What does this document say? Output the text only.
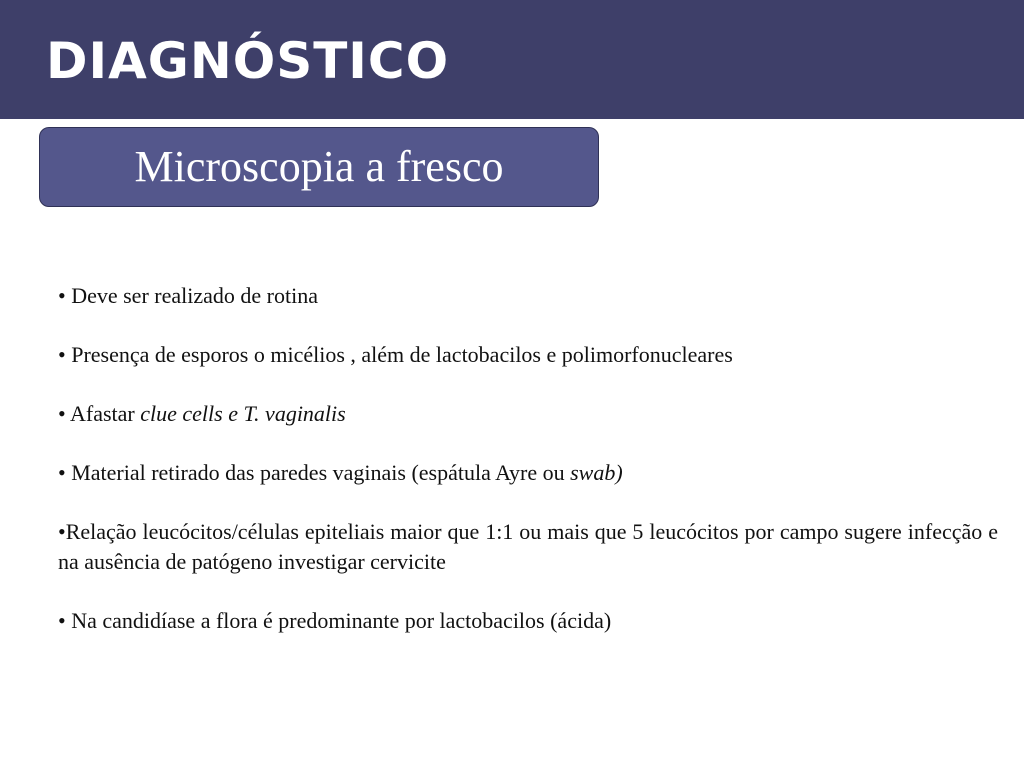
DIAGNÓSTICO
Microscopia a fresco
• Deve ser realizado de rotina
• Presença de esporos o micélios , além de lactobacilos e polimorfonucleares
• Afastar clue cells e T. vaginalis
• Material retirado das paredes vaginais (espátula Ayre ou swab)
•Relação leucócitos/células epiteliais maior que 1:1 ou mais que 5 leucócitos por campo sugere infecção e na ausência de patógeno investigar cervicite
• Na candidíase a flora é predominante por lactobacilos (ácida)
